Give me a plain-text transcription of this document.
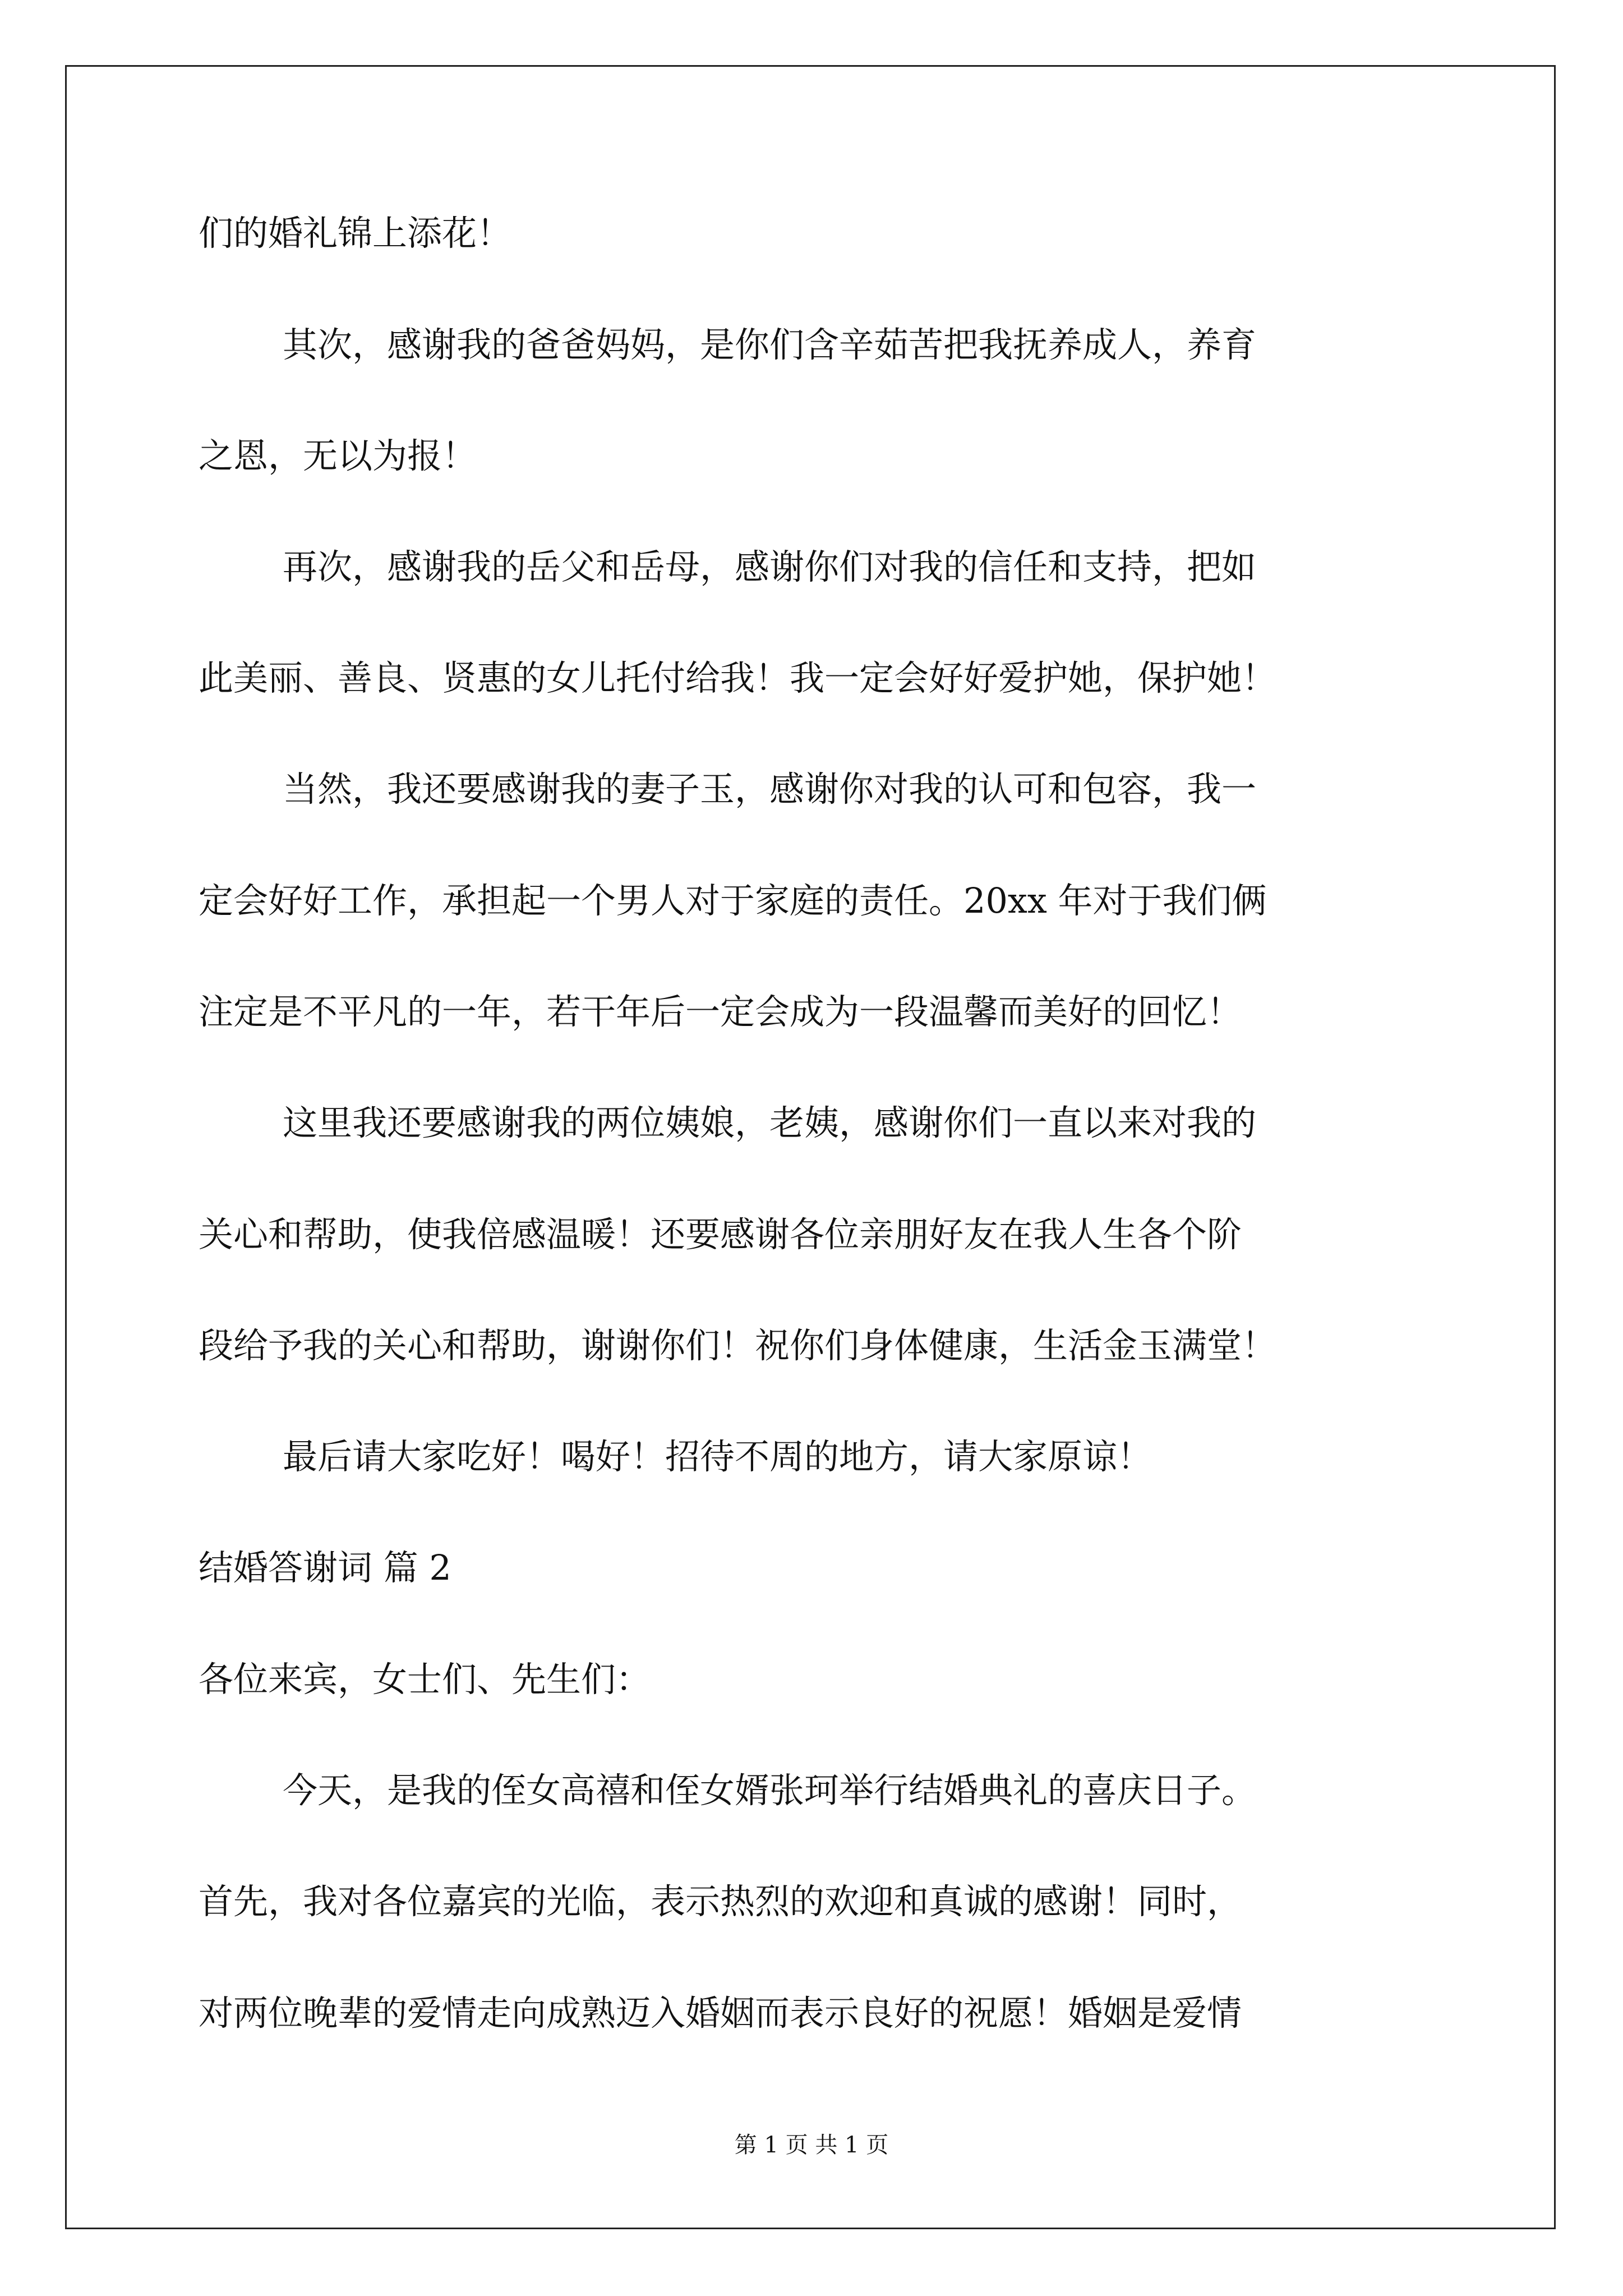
们的婚礼锦上添花！
其次，感谢我的爸爸妈妈，是你们含辛茹苦把我抚养成人，养育
之恩，无以为报！
再次，感谢我的岳父和岳母，感谢你们对我的信任和支持，把如
此美丽、善良、贤惠的女儿托付给我！我一定会好好爱护她，保护她！
当然，我还要感谢我的妻子玉，感谢你对我的认可和包容，我一
定会好好工作，承担起一个男人对于家庭的责任。20xx 年对于我们俩
注定是不平凡的一年，若干年后一定会成为一段温馨而美好的回忆！
这里我还要感谢我的两位姨娘，老姨，感谢你们一直以来对我的
关心和帮助，使我倍感温暖！还要感谢各位亲朋好友在我人生各个阶
段给予我的关心和帮助，谢谢你们！祝你们身体健康，生活金玉满堂！
最后请大家吃好！喝好！招待不周的地方，请大家原谅！
结婚答谢词 篇 2
各位来宾，女士们、先生们：
今天，是我的侄女高禧和侄女婿张珂举行结婚典礼的喜庆日子。
首先，我对各位嘉宾的光临，表示热烈的欢迎和真诚的感谢！同时，
对两位晚辈的爱情走向成熟迈入婚姻而表示良好的祝愿！婚姻是爱情
第 1 页 共 1 页
